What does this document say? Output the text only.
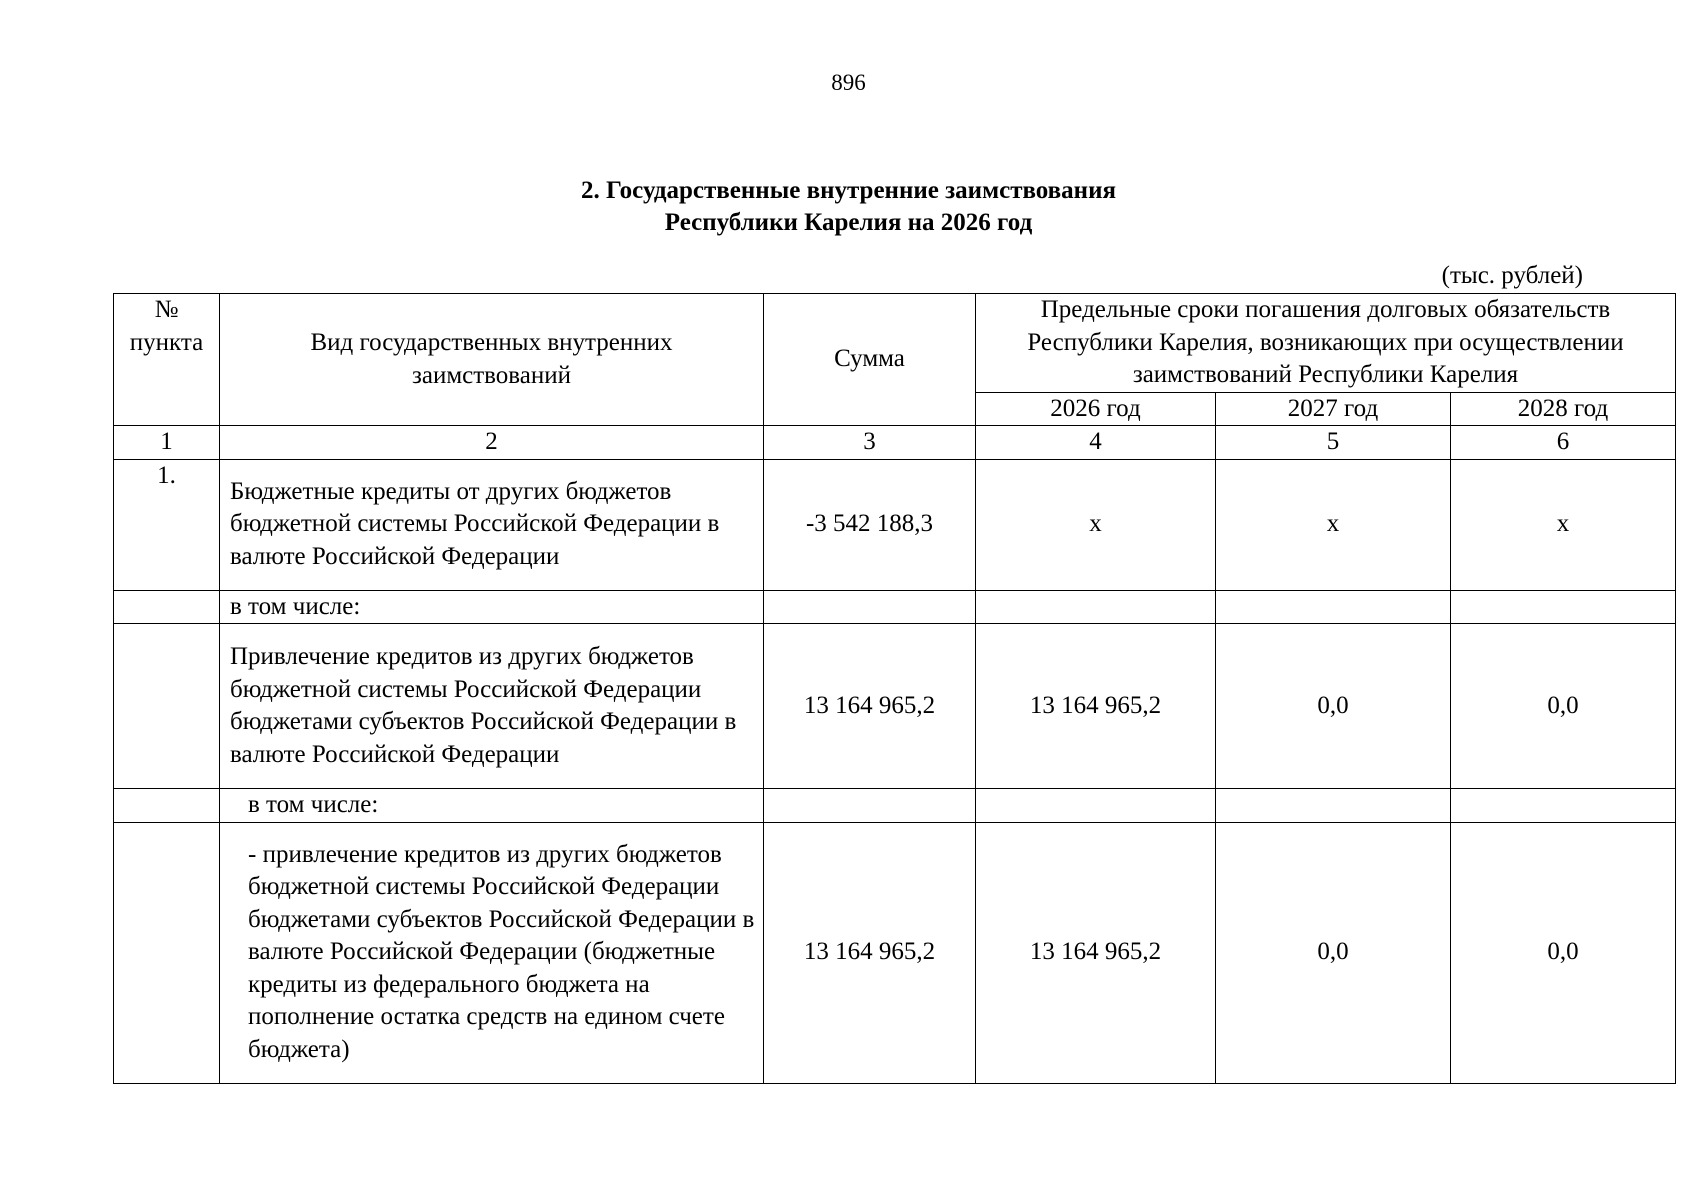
896
2. Государственные внутренние заимствования
Республики Карелия на 2026 год
(тыс. рублей)
№ пункта	Вид государственных внутренних заимствований	Сумма	Предельные сроки погашения долговых обязательств Республики Карелия, возникающих при осуществлении заимствований Республики Карелия		
			2026 год	2027 год	2028 год
1	2	3	4	5	6
1.	Бюджетные кредиты от других бюджетов бюджетной системы Российской Федерации в валюте Российской Федерации	-3 542 188,3	x	x	x
	в том числе:				
	Привлечение кредитов из других бюджетов бюджетной системы Российской Федерации бюджетами субъектов Российской Федерации в валюте Российской Федерации	13 164 965,2	13 164 965,2	0,0	0,0
	в том числе:				
	- привлечение кредитов из других бюджетов бюджетной системы Российской Федерации бюджетами субъектов Российской Федерации в валюте Российской Федерации (бюджетные кредиты из федерального бюджета на пополнение остатка средств на едином счете бюджета)	13 164 965,2	13 164 965,2	0,0	0,0
